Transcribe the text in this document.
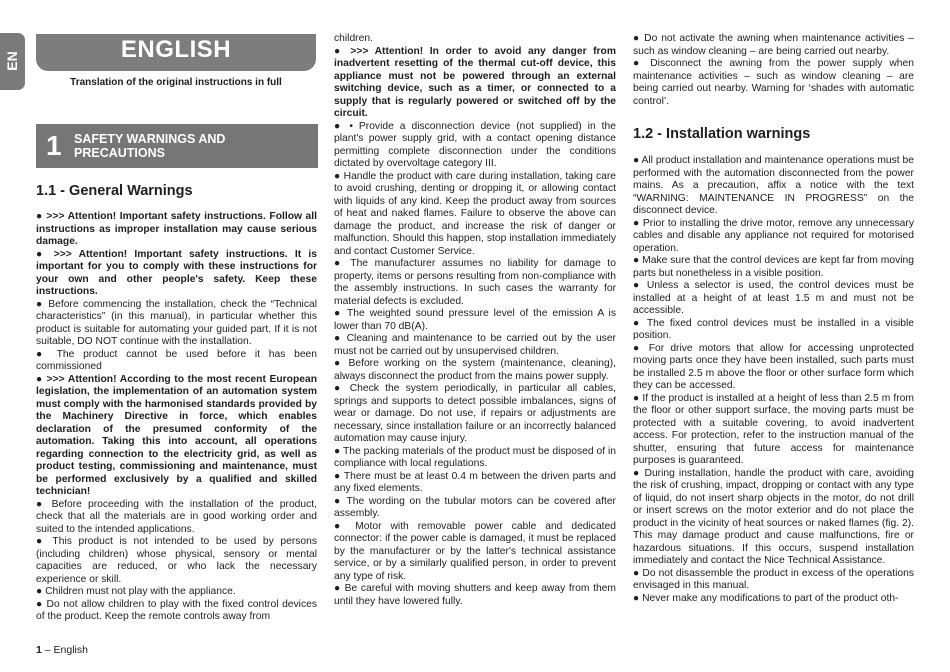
EN	ENGLISH
Translation of the original instructions in full
1 SAFETY WARNINGS AND
PRECAUTIONS
1.1 - General Warnings

● >>> Attention! Important safety instructions. Follow all instructions as improper installation may cause serious damage.

● >>> Attention! Important safety instructions. It is important for you to comply with these instructions for your own and other people's safety. Keep these instructions.

● Before commencing the installation, check the “Technical characteristics” (in this manual), in particular whether this product is suitable for automating your guided part. If it is not suitable, DO NOT continue with the installation.

● The product cannot be used before it has been commissioned

● >>> Attention! According to the most recent European legislation, the implementation of an automation system must comply with the harmonised standards provided by the Machinery Directive in force, which enables declaration of the presumed conformity of the automation. Taking this into account, all operations regarding connection to the electricity grid, as well as product testing, commissioning and maintenance, must be performed exclusively by a qualified and skilled technician!

● Before proceeding with the installation of the product, check that all the materials are in good working order and suited to the intended applications.

● This product is not intended to be used by persons (including children) whose physical, sensory or mental capacities are reduced, or who lack the necessary experience or skill.

● Children must not play with the appliance.

● Do not allow children to play with the fixed control devices of the product. Keep the remote controls away from

children.

● >>> Attention! In order to avoid any danger from inadvertent resetting of the thermal cut-off device, this appliance must not be powered through an external switching device, such as a timer, or connected to a supply that is regularly powered or switched off by the circuit.

● • Provide a disconnection device (not supplied) in the plant's power supply grid, with a contact opening distance permitting complete disconnection under the conditions dictated by overvoltage category III.

● Handle the product with care during installation, taking care to avoid crushing, denting or dropping it, or allowing contact with liquids of any kind. Keep the product away from sources of heat and naked flames. Failure to observe the above can damage the product, and increase the risk of danger or malfunction. Should this happen, stop installation immediately and contact Customer Service.

● The manufacturer assumes no liability for damage to property, items or persons resulting from non-compliance with the assembly instructions. In such cases the warranty for material defects is excluded.

● The weighted sound pressure level of the emission A is lower than 70 dB(A).

● Cleaning and maintenance to be carried out by the user must not be carried out by unsupervised children.

● Before working on the system (maintenance, cleaning), always disconnect the product from the mains power supply.

● Check the system periodically, in particular all cables, springs and supports to detect possible imbalances, signs of wear or damage. Do not use, if repairs or adjustments are necessary, since installation failure or an incorrectly balanced automation may cause injury.

● The packing materials of the product must be disposed of in compliance with local regulations.

● There must be at least 0.4 m between the driven parts and any fixed elements.

● The wording on the tubular motors can be covered after assembly.

● Motor with removable power cable and dedicated connector: if the power cable is damaged, it must be replaced by the manufacturer or by the latter's technical assistance service, or by a similarly qualified person, in order to prevent any type of risk.

● Be careful with moving shutters and keep away from them until they have lowered fully.

● Do not activate the awning when maintenance activities – such as window cleaning – are being carried out nearby.

● Disconnect the awning from the power supply when maintenance activities – such as window cleaning – are being carried out nearby. Warning for ‘shades with automatic control’.

1.2 - Installation warnings

● All product installation and maintenance operations must be performed with the automation disconnected from the power mains. As a precaution, affix a notice with the text “WARNING: MAINTENANCE IN PROGRESS” on the disconnect device.

● Prior to installing the drive motor, remove any unnecessary cables and disable any appliance not required for motorised operation.

● Make sure that the control devices are kept far from moving parts but nonetheless in a visible position.

● Unless a selector is used, the control devices must be installed at a height of at least 1.5 m and must not be accessible.

● The fixed control devices must be installed in a visible position.

● For drive motors that allow for accessing unprotected moving parts once they have been installed, such parts must be installed 2.5 m above the floor or other surface form which they can be accessed.

● If the product is installed at a height of less than 2.5 m from the floor or other support surface, the moving parts must be protected with a suitable covering, to avoid inadvertent access. For protection, refer to the instruction manual of the shutter, ensuring that future access for maintenance purposes is guaranteed.

● During installation, handle the product with care, avoiding the risk of crushing, impact, dropping or contact with any type of liquid, do not insert sharp objects in the motor, do not drill or insert screws on the motor exterior and do not place the product in the vicinity of heat sources or naked flames (fig. 2). This may damage product and cause malfunctions, fire or hazardous situations. If this occurs, suspend installation immediately and contact the Nice Technical Assistance.

● Do not disassemble the product in excess of the operations envisaged in this manual.

● Never make any modifications to part of the product oth-

1 – English
